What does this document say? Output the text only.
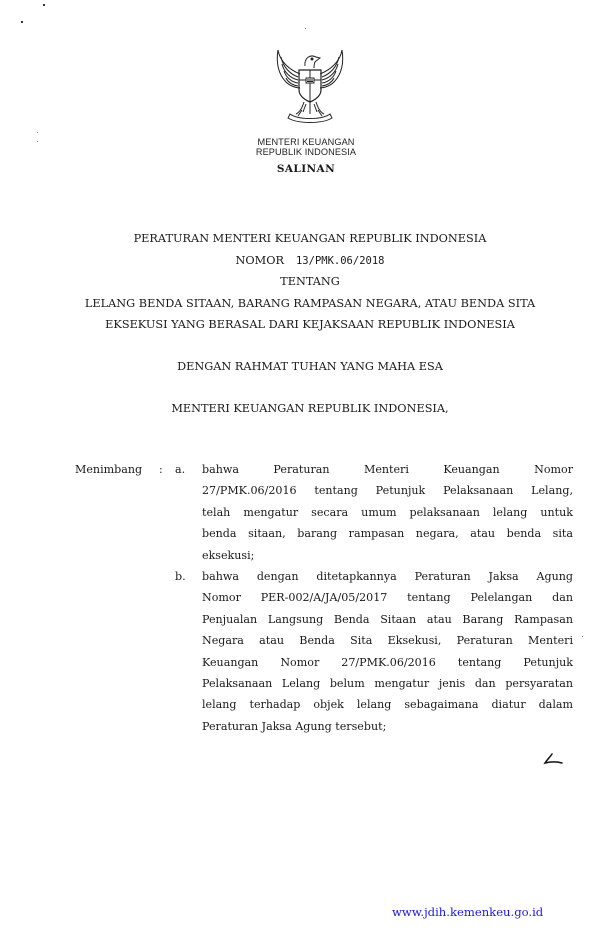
MENTERI KEUANGAN
REPUBLIK INDONESIA
SALINAN
PERATURAN MENTERI KEUANGAN REPUBLIK INDONESIA
NOMOR 13/PMK.06/2018
TENTANG
LELANG BENDA SITAAN, BARANG RAMPASAN NEGARA, ATAU BENDA SITA
EKSEKUSI YANG BERASAL DARI KEJAKSAAN REPUBLIK INDONESIA
DENGAN RAHMAT TUHAN YANG MAHA ESA
MENTERI KEUANGAN REPUBLIK INDONESIA,
Menimbang : a. bahwa Peraturan Menteri Keuangan Nomor
27/PMK.06/2016 tentang Petunjuk Pelaksanaan Lelang,
telah mengatur secara umum pelaksanaan lelang untuk
benda sitaan, barang rampasan negara, atau benda sita
eksekusi;
b. bahwa dengan ditetapkannya Peraturan Jaksa Agung
Nomor PER-002/A/JA/05/2017 tentang Pelelangan dan
Penjualan Langsung Benda Sitaan atau Barang Rampasan
Negara atau Benda Sita Eksekusi, Peraturan Menteri
Keuangan Nomor 27/PMK.06/2016 tentang Petunjuk
Pelaksanaan Lelang belum mengatur jenis dan persyaratan
lelang terhadap objek lelang sebagaimana diatur dalam
Peraturan Jaksa Agung tersebut;
www.jdih.kemenkeu.go.id
